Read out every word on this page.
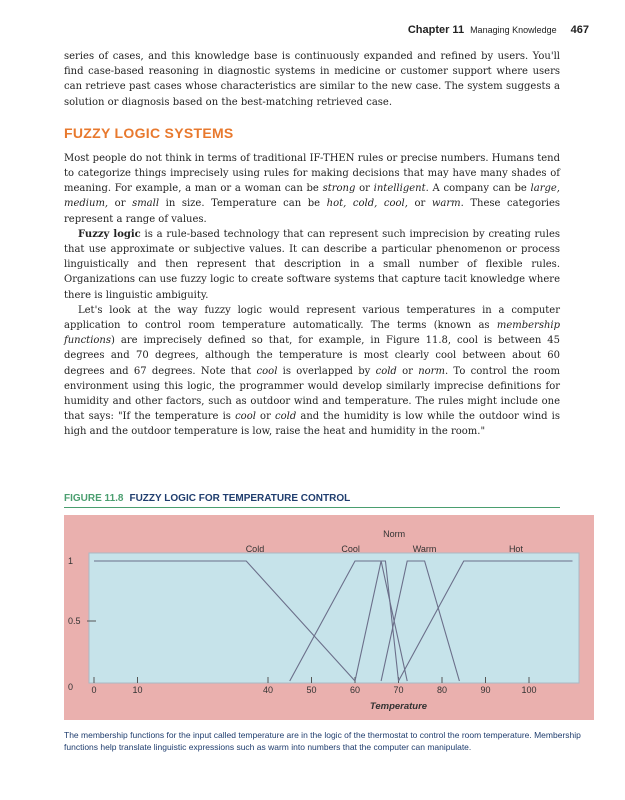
Chapter 11 Managing Knowledge 467

series of cases, and this knowledge base is continuously expanded and refined by users. You'll find case-based reasoning in diagnostic systems in medicine or customer support where users can retrieve past cases whose characteristics are similar to the new case. The system suggests a solution or diagnosis based on the best-matching retrieved case.

FUZZY LOGIC SYSTEMS

Most people do not think in terms of traditional IF-THEN rules or precise numbers. Humans tend to categorize things imprecisely using rules for making decisions that may have many shades of meaning. For example, a man or a woman can be strong or intelligent. A company can be large, medium, or small in size. Temperature can be hot, cold, cool, or warm. These categories represent a range of values.

Fuzzy logic is a rule-based technology that can represent such imprecision by creating rules that use approximate or subjective values. It can describe a particular phenomenon or process linguistically and then represent that description in a small number of flexible rules. Organizations can use fuzzy logic to create software systems that capture tacit knowledge where there is linguistic ambiguity.

Let's look at the way fuzzy logic would represent various temperatures in a computer application to control room temperature automatically. The terms (known as membership functions) are imprecisely defined so that, for example, in Figure 11.8, cool is between 45 degrees and 70 degrees, although the temperature is most clearly cool between about 60 degrees and 67 degrees. Note that cool is overlapped by cold or norm. To control the room environment using this logic, the programmer would develop similarly imprecise definitions for humidity and other factors, such as outdoor wind and temperature. The rules might include one that says: "If the temperature is cool or cold and the humidity is low while the outdoor wind is high and the outdoor temperature is low, raise the heat and humidity in the room."

FIGURE 11.8 FUZZY LOGIC FOR TEMPERATURE CONTROL
0
0.5
1
0	10	40	50	60	70	80	90	100
Cold	Cool
Norm
Warm	Hot
Temperature
The membership functions for the input called temperature are in the logic of the thermostat to control the room temperature. Membership functions help translate linguistic expressions such as warm into numbers that the computer can manipulate.
